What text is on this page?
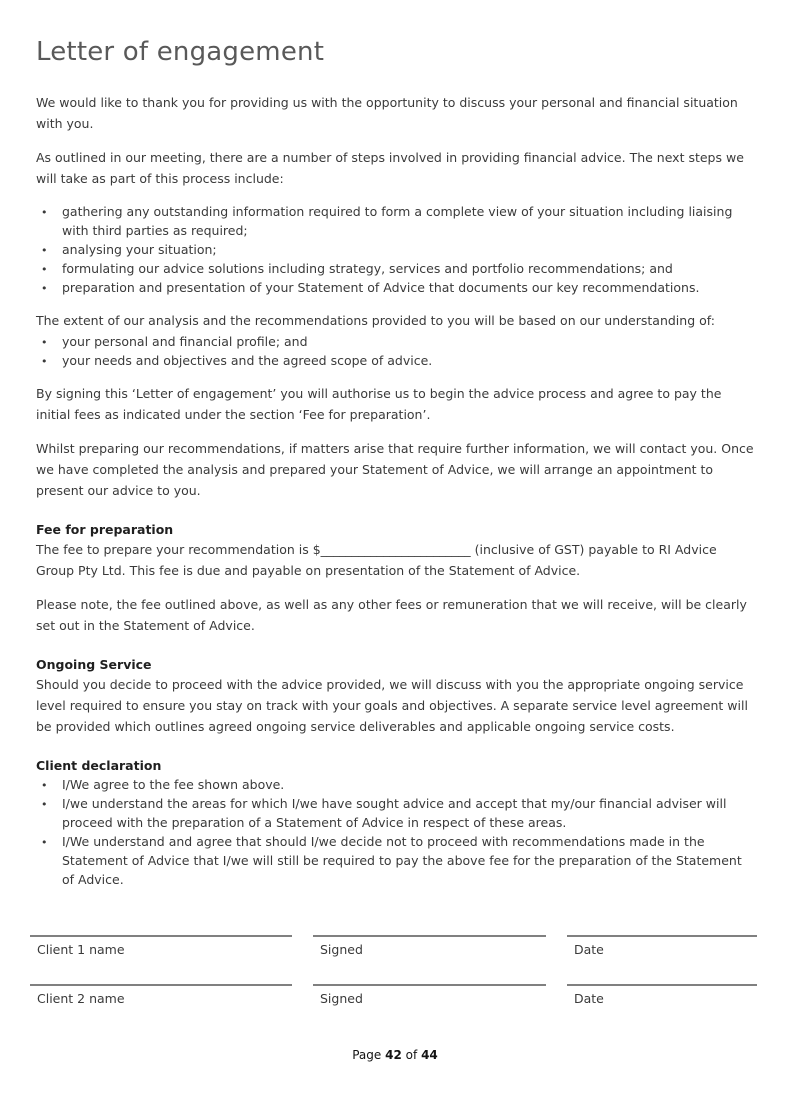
Letter of engagement

We would like to thank you for providing us with the opportunity to discuss your personal and financial situation with you.

As outlined in our meeting, there are a number of steps involved in providing financial advice. The next steps we will take as part of this process include:

• gathering any outstanding information required to form a complete view of your situation including liaising with third parties as required;
• analysing your situation;
• formulating our advice solutions including strategy, services and portfolio recommendations; and
• preparation and presentation of your Statement of Advice that documents our key recommendations.

The extent of our analysis and the recommendations provided to you will be based on our understanding of:

• your personal and financial profile; and
• your needs and objectives and the agreed scope of advice.

By signing this ‘Letter of engagement’ you will authorise us to begin the advice process and agree to pay the initial fees as indicated under the section ‘Fee for preparation’.

Whilst preparing our recommendations, if matters arise that require further information, we will contact you. Once we have completed the analysis and prepared your Statement of Advice, we will arrange an appointment to present our advice to you.

Fee for preparation

The fee to prepare your recommendation is $________________________ (inclusive of GST) payable to RI Advice Group Pty Ltd. This fee is due and payable on presentation of the Statement of Advice.

Please note, the fee outlined above, as well as any other fees or remuneration that we will receive, will be clearly set out in the Statement of Advice.

Ongoing Service

Should you decide to proceed with the advice provided, we will discuss with you the appropriate ongoing service level required to ensure you stay on track with your goals and objectives. A separate service level agreement will be provided which outlines agreed ongoing service deliverables and applicable ongoing service costs.

Client declaration

• I/We agree to the fee shown above.
• I/we understand the areas for which I/we have sought advice and accept that my/our financial adviser will proceed with the preparation of a Statement of Advice in respect of these areas.
• I/We understand and agree that should I/we decide not to proceed with recommendations made in the Statement of Advice that I/we will still be required to pay the above fee for the preparation of the Statement of Advice.
Client 1 name	Signed	Date
Client 2 name	Signed	Date
Page 42 of 44
